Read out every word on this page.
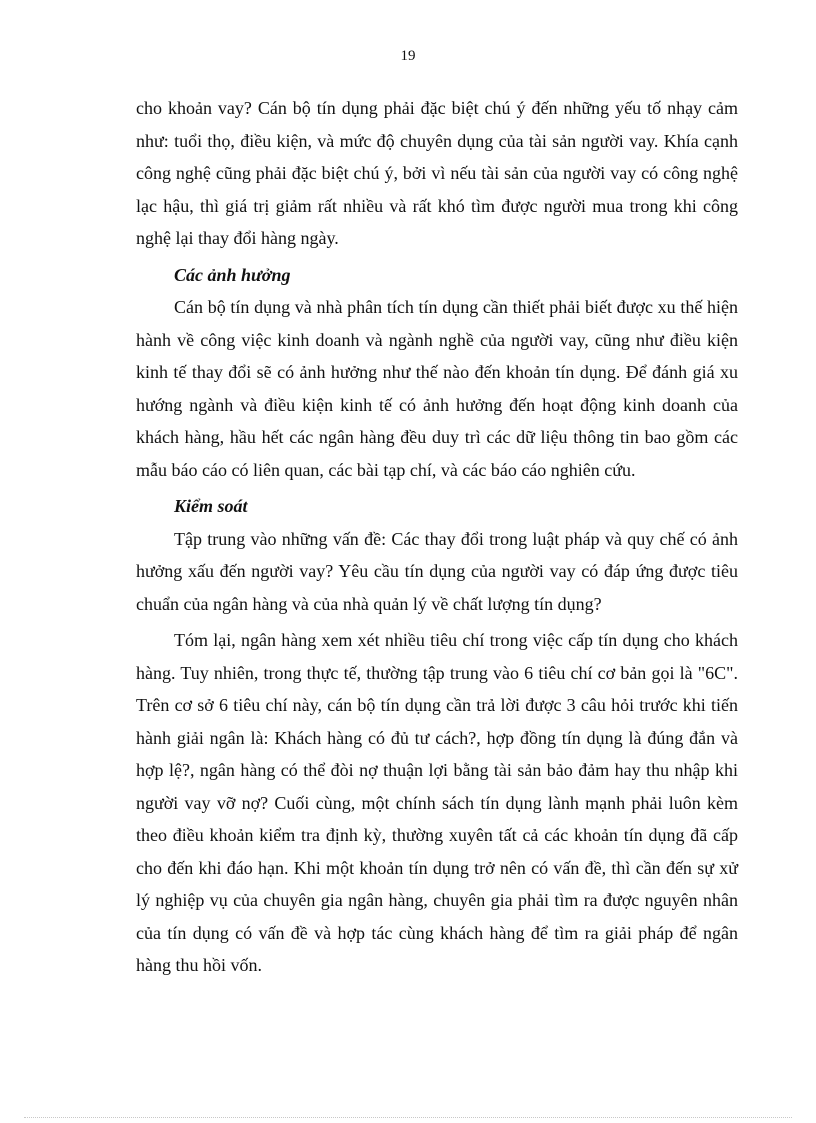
19

cho khoản vay? Cán bộ tín dụng phải đặc biệt chú ý đến những yếu tố nhạy cảm như: tuổi thọ, điều kiện, và mức độ chuyên dụng của tài sản người vay. Khía cạnh công nghệ cũng phải đặc biệt chú ý, bởi vì nếu tài sản của người vay có công nghệ lạc hậu, thì giá trị giảm rất nhiều và rất khó tìm được người mua trong khi công nghệ lại thay đổi hàng ngày.

Các ảnh hưởng

Cán bộ tín dụng và nhà phân tích tín dụng cần thiết phải biết được xu thế hiện hành về công việc kinh doanh và ngành nghề của người vay, cũng như điều kiện kinh tế thay đổi sẽ có ảnh hưởng như thế nào đến khoản tín dụng. Để đánh giá xu hướng ngành và điều kiện kinh tế có ảnh hưởng đến hoạt động kinh doanh của khách hàng, hầu hết các ngân hàng đều duy trì các dữ liệu thông tin bao gồm các mẫu báo cáo có liên quan, các bài tạp chí, và các báo cáo nghiên cứu.

Kiểm soát

Tập trung vào những vấn đề: Các thay đổi trong luật pháp và quy chế có ảnh hưởng xấu đến người vay? Yêu cầu tín dụng của người vay có đáp ứng được tiêu chuẩn của ngân hàng và của nhà quản lý về chất lượng tín dụng?

Tóm lại, ngân hàng xem xét nhiều tiêu chí trong việc cấp tín dụng cho khách hàng. Tuy nhiên, trong thực tế, thường tập trung vào 6 tiêu chí cơ bản gọi là "6C". Trên cơ sở 6 tiêu chí này, cán bộ tín dụng cần trả lời được 3 câu hỏi trước khi tiến hành giải ngân là: Khách hàng có đủ tư cách?, hợp đồng tín dụng là đúng đắn và hợp lệ?, ngân hàng có thể đòi nợ thuận lợi bằng tài sản bảo đảm hay thu nhập khi người vay vỡ nợ? Cuối cùng, một chính sách tín dụng lành mạnh phải luôn kèm theo điều khoản kiểm tra định kỳ, thường xuyên tất cả các khoản tín dụng đã cấp cho đến khi đáo hạn. Khi một khoản tín dụng trở nên có vấn đề, thì cần đến sự xử lý nghiệp vụ của chuyên gia ngân hàng, chuyên gia phải tìm ra được nguyên nhân của tín dụng có vấn đề và hợp tác cùng khách hàng để tìm ra giải pháp để ngân hàng thu hồi vốn.
